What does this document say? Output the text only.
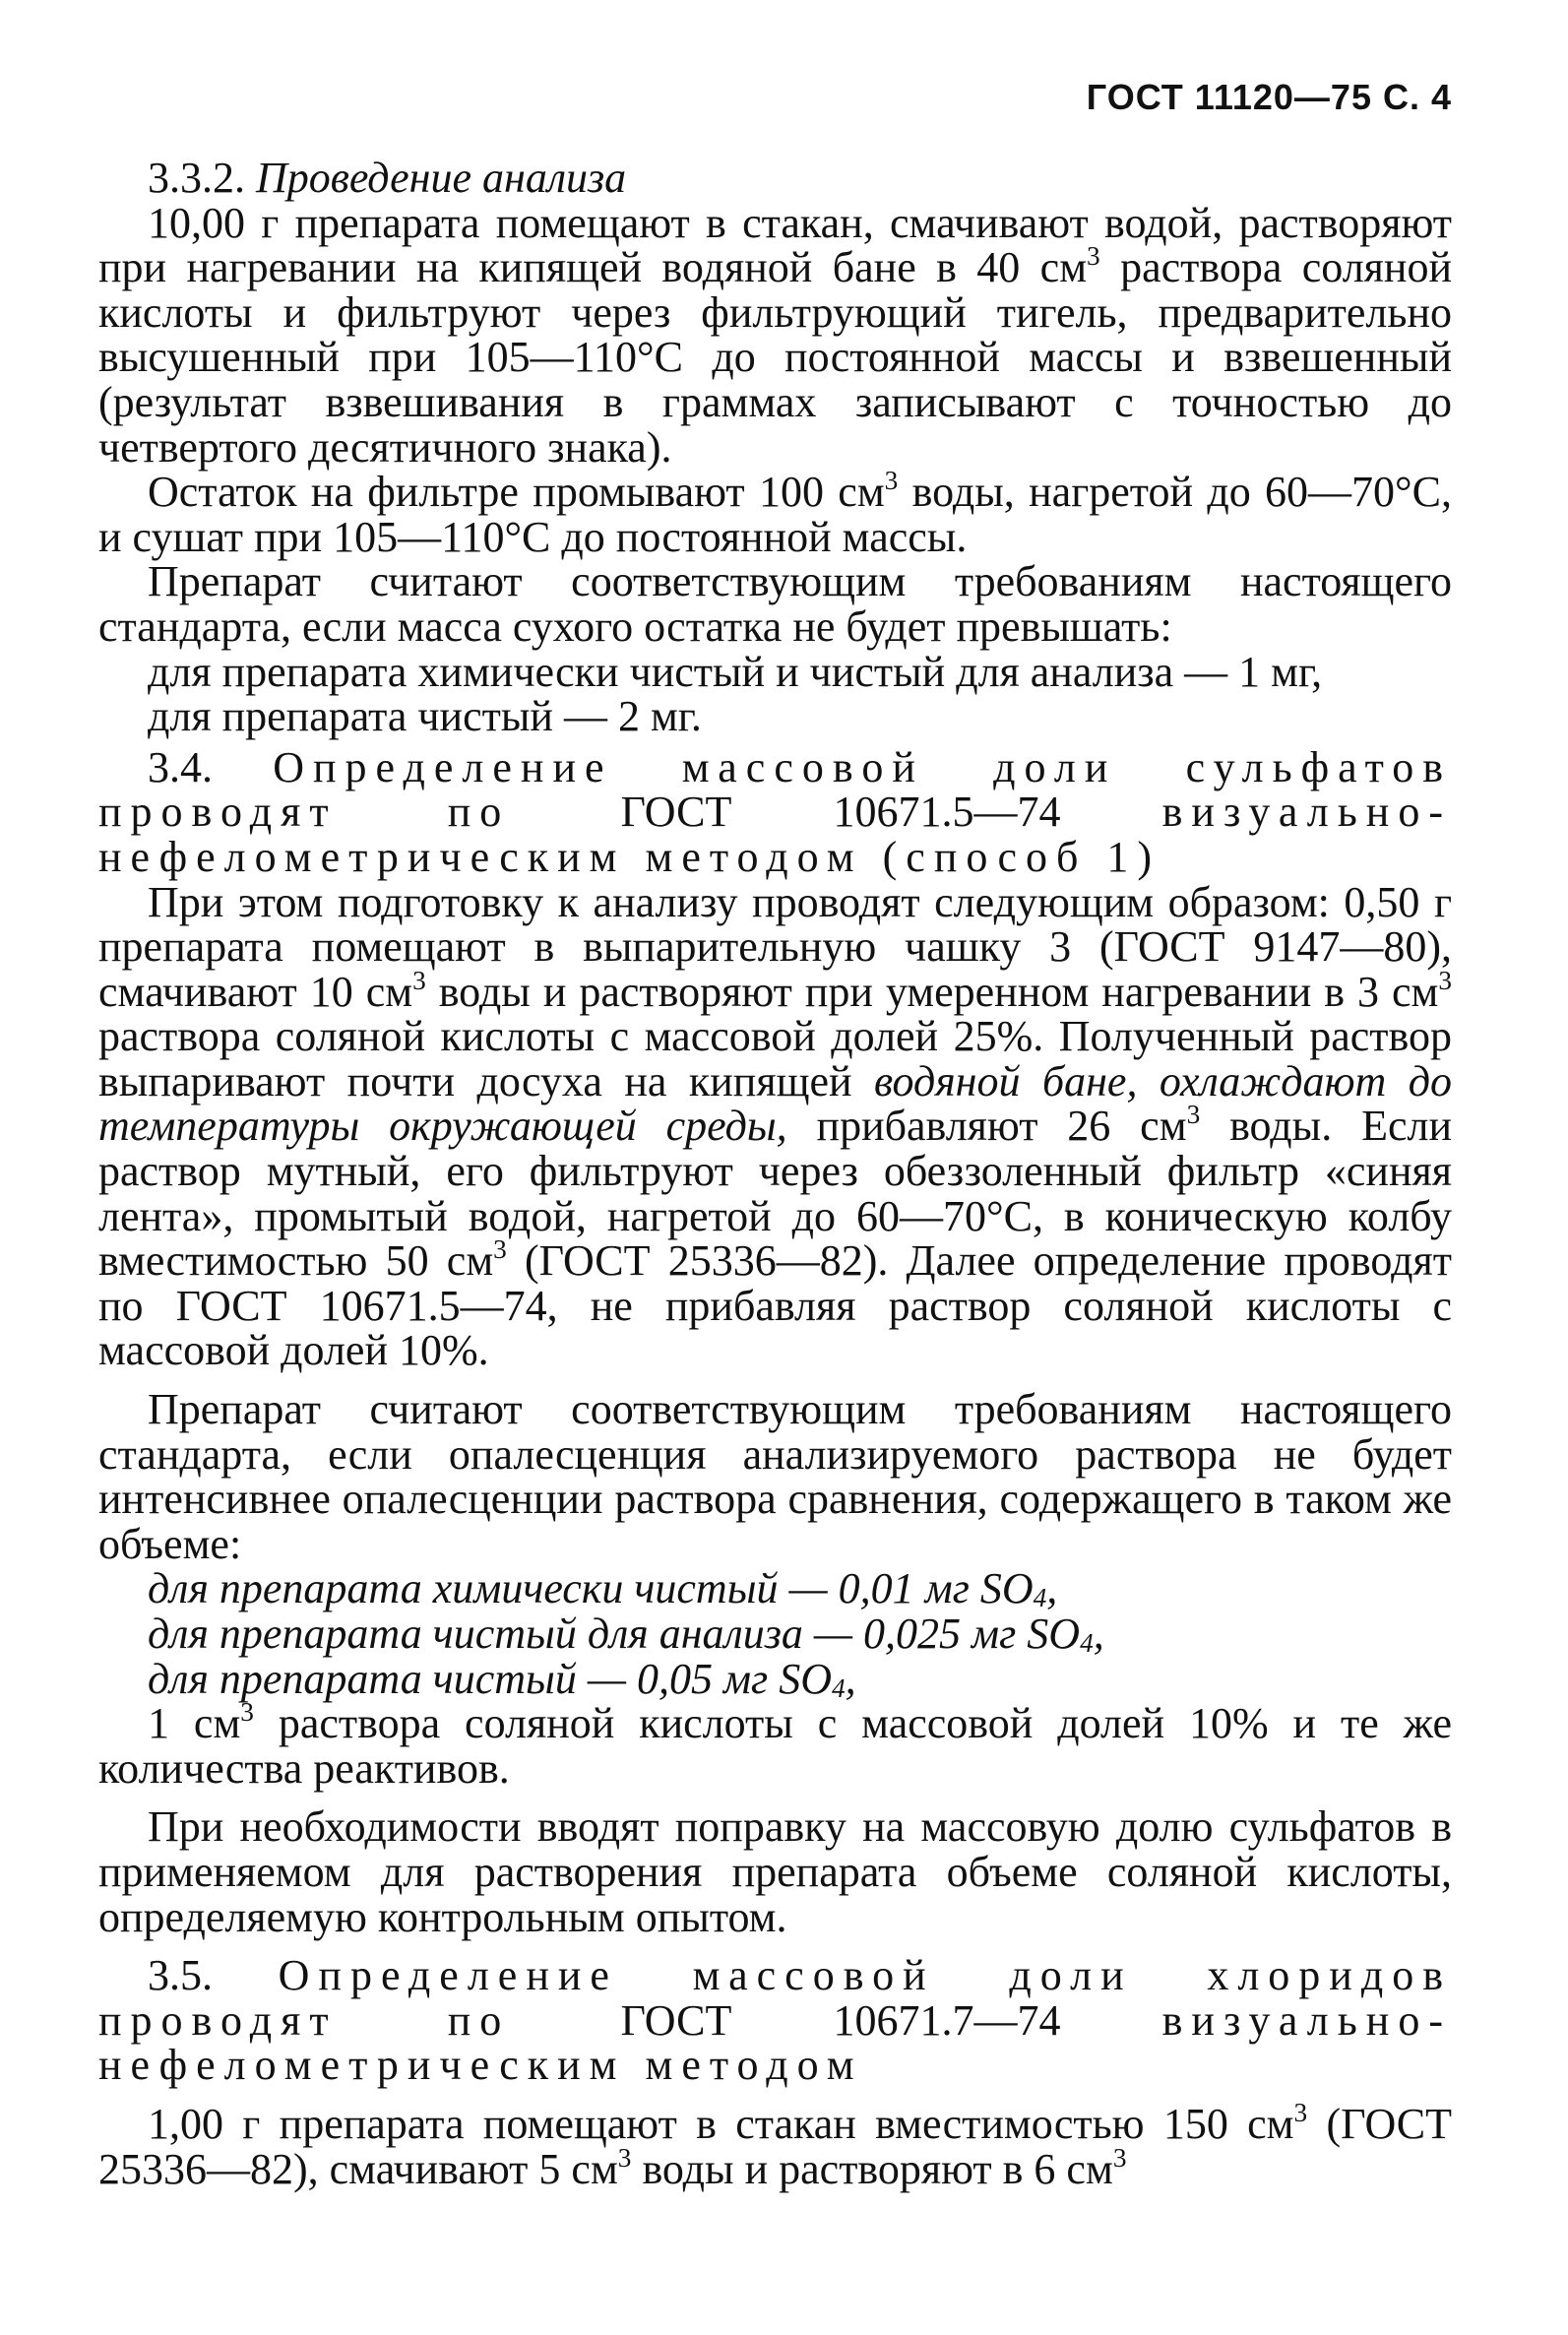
ГОСТ 11120—75 С. 4

3.3.2. Проведение анализа

10,00 г препарата помещают в стакан, смачивают водой, растворяют при нагревании на кипящей водяной бане в 40 $см^3$ раствора соляной кислоты и фильтруют через фильтрующий тигель, предварительно высушенный при 105—110°С до постоянной массы и взвешенный (результат взвешивания в граммах записывают с точностью до четвертого десятичного знака).

Остаток на фильтре промывают 100 $см^3$ воды, нагретой до 60—70°С, и сушат при 105—110°С до постоянной массы.

Препарат считают соответствующим требованиям настоящего стандарта, если масса сухого остатка не будет превышать:

для препарата химически чистый и чистый для анализа — 1 мг,

для препарата чистый — 2 мг.

3.4. Определение массовой доли сульфатов проводят по ГОСТ 10671.5—74 визуально-нефелометрическим методом (способ 1)

При этом подготовку к анализу проводят следующим образом: 0,50 г препарата помещают в выпарительную чашку 3 (ГОСТ 9147—80), смачивают 10 $см^3$ воды и растворяют при умеренном нагревании в 3 $см^3$ раствора соляной кислоты с массовой долей 25%. Полученный раствор выпаривают почти досуха на кипящей водяной бане, охлаждают до температуры окружающей среды, прибавляют 26 $см^3$ воды. Если раствор мутный, его фильтруют через обеззоленный фильтр «синяя лента», промытый водой, нагретой до 60—70°С, в коническую колбу вместимостью 50 $см^3$ (ГОСТ 25336—82). Далее определение проводят по ГОСТ 10671.5—74, не прибавляя раствор соляной кислоты с массовой долей 10%.

Препарат считают соответствующим требованиям настоящего стандарта, если опалесценция анализируемого раствора не будет интенсивнее опалесценции раствора сравнения, содержащего в таком же объеме:

для препарата химически чистый — 0,01 мг $SO_4$,

для препарата чистый для анализа — 0,025 мг $SO_4$,

для препарата чистый — 0,05 мг $SO_4$,

1 $см^3$ раствора соляной кислоты с массовой долей 10% и те же количества реактивов.

При необходимости вводят поправку на массовую долю сульфатов в применяемом для растворения препарата объеме соляной кислоты, определяемую контрольным опытом.

3.5. Определение массовой доли хлоридов проводят по ГОСТ 10671.7—74 визуально-нефелометрическим методом

1,00 г препарата помещают в стакан вместимостью 150 $см^3$ (ГОСТ 25336—82), смачивают 5 $см^3$ воды и растворяют в 6 $см^3$
